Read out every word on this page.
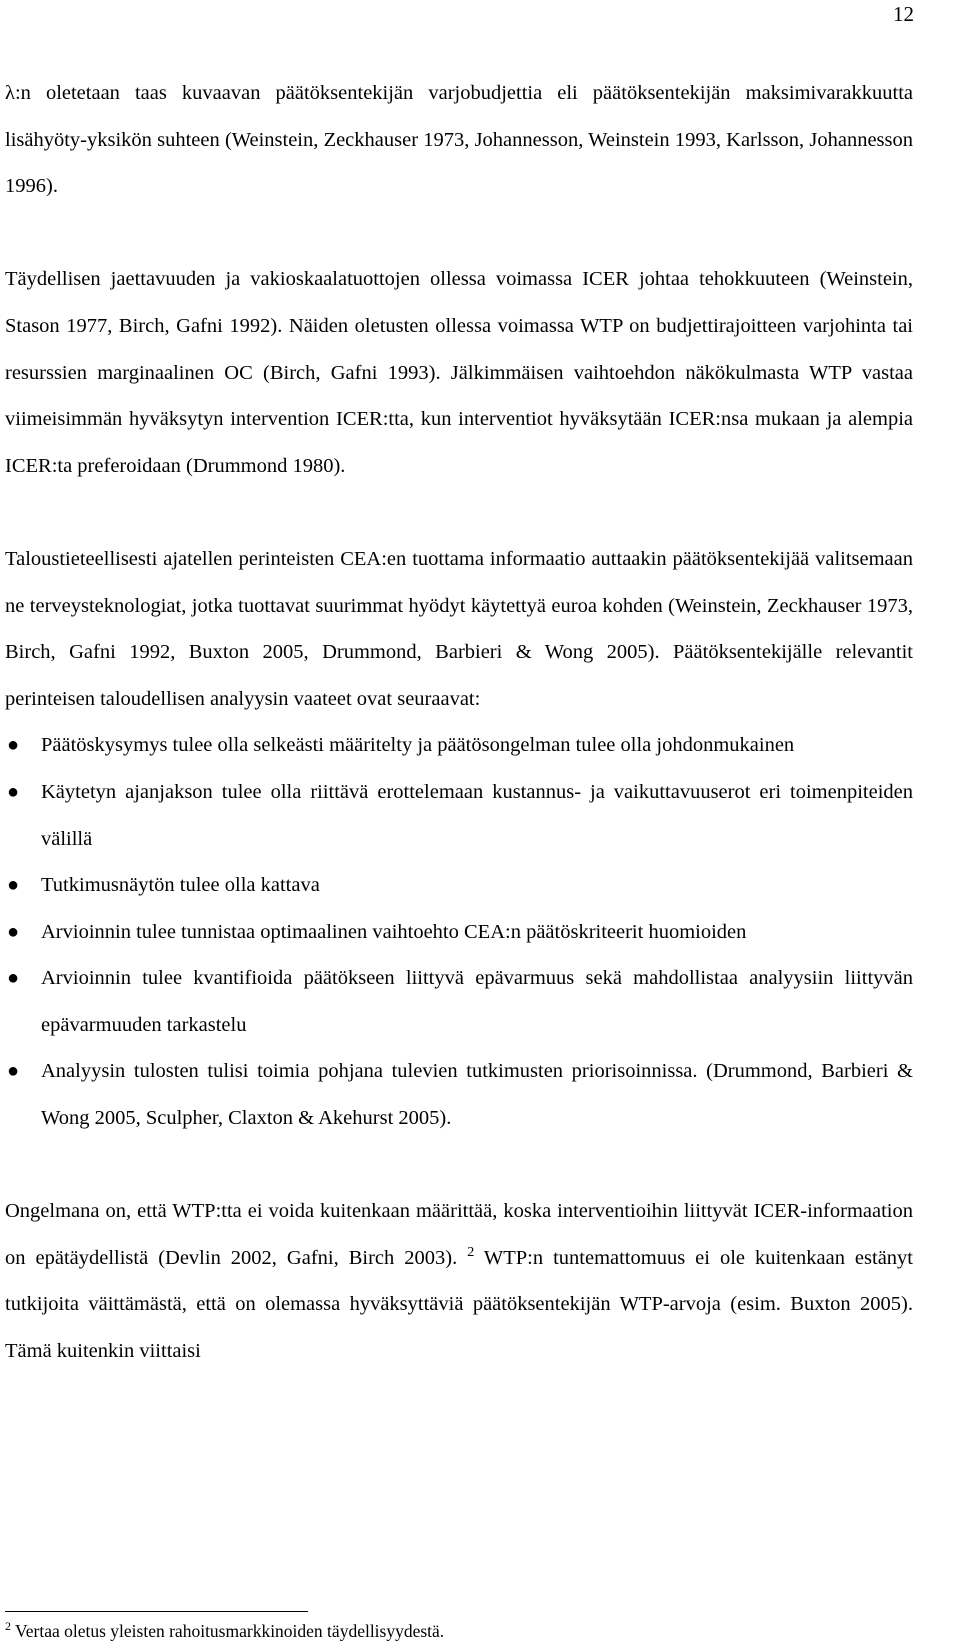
12

λ:n oletetaan taas kuvaavan päätöksentekijän varjobudjettia eli päätöksentekijän maksimivarakkuutta lisähyöty-yksikön suhteen (Weinstein, Zeckhauser 1973, Johannesson, Weinstein 1993, Karlsson, Johannesson 1996).

Täydellisen jaettavuuden ja vakioskaalatuottojen ollessa voimassa ICER johtaa tehokkuuteen (Weinstein, Stason 1977, Birch, Gafni 1992). Näiden oletusten ollessa voimassa WTP on budjettirajoitteen varjohinta tai resurssien marginaalinen OC (Birch, Gafni 1993). Jälkimmäisen vaihtoehdon näkökulmasta WTP vastaa viimeisimmän hyväksytyn intervention ICER:tta, kun interventiot hyväksytään ICER:nsa mukaan ja alempia ICER:ta preferoidaan (Drummond 1980).

Taloustieteellisesti ajatellen perinteisten CEA:en tuottama informaatio auttaakin päätöksentekijää valitsemaan ne terveysteknologiat, jotka tuottavat suurimmat hyödyt käytettyä euroa kohden (Weinstein, Zeckhauser 1973, Birch, Gafni 1992, Buxton 2005, Drummond, Barbieri & Wong 2005). Päätöksentekijälle relevantit perinteisen taloudellisen analyysin vaateet ovat seuraavat:

● Päätöskysymys tulee olla selkeästi määritelty ja päätösongelman tulee olla johdonmukainen
● Käytetyn ajanjakson tulee olla riittävä erottelemaan kustannus- ja vaikuttavuuserot eri toimenpiteiden välillä
● Tutkimusnäytön tulee olla kattava
● Arvioinnin tulee tunnistaa optimaalinen vaihtoehto CEA:n päätöskriteerit huomioiden
● Arvioinnin tulee kvantifioida päätökseen liittyvä epävarmuus sekä mahdollistaa analyysiin liittyvän epävarmuuden tarkastelu
● Analyysin tulosten tulisi toimia pohjana tulevien tutkimusten priorisoinnissa. (Drummond, Barbieri & Wong 2005, Sculpher, Claxton & Akehurst 2005).

Ongelmana on, että WTP:tta ei voida kuitenkaan määrittää, koska interventioihin liittyvät ICER-informaation on epätäydellistä (Devlin 2002, Gafni, Birch 2003). $^2$ WTP:n tuntemattomuus ei ole kuitenkaan estänyt tutkijoita väittämästä, että on olemassa hyväksyttäviä päätöksentekijän WTP-arvoja (esim. Buxton 2005). Tämä kuitenkin viittaisi

$^2$ Vertaa oletus yleisten rahoitusmarkkinoiden täydellisyydestä.
